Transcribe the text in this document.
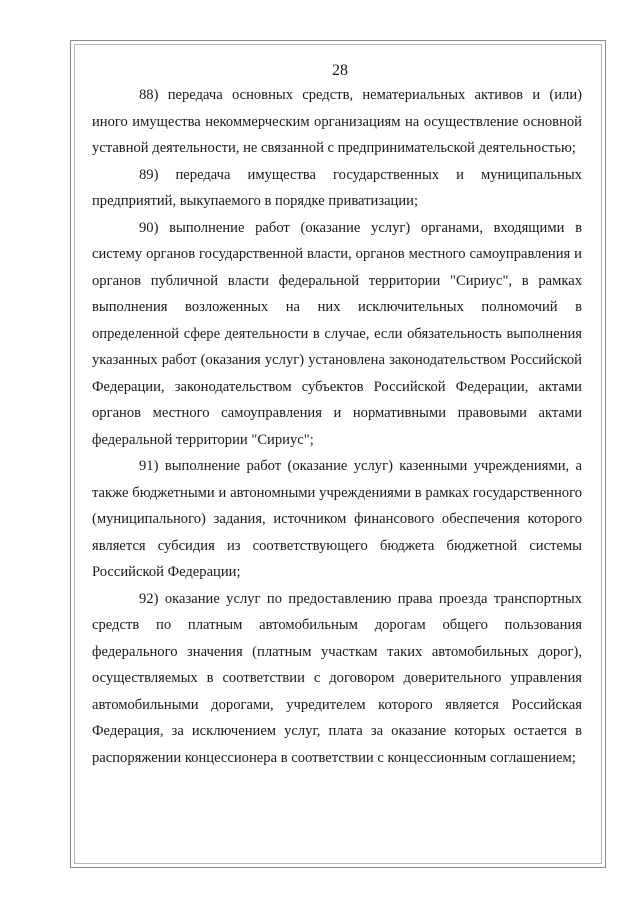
28

88) передача основных средств, нематериальных активов и (или) иного имущества некоммерческим организациям на осуществление основной уставной деятельности, не связанной с предпринимательской деятельностью;

89) передача имущества государственных и муниципальных предприятий, выкупаемого в порядке приватизации;

90) выполнение работ (оказание услуг) органами, входящими в систему органов государственной власти, органов местного самоуправления и органов публичной власти федеральной территории "Сириус", в рамках выполнения возложенных на них исключительных полномочий в определенной сфере деятельности в случае, если обязательность выполнения указанных работ (оказания услуг) установлена законодательством Российской Федерации, законодательством субъектов Российской Федерации, актами органов местного самоуправления и нормативными правовыми актами федеральной территории "Сириус";

91) выполнение работ (оказание услуг) казенными учреждениями, а также бюджетными и автономными учреждениями в рамках государственного (муниципального) задания, источником финансового обеспечения которого является субсидия из соответствующего бюджета бюджетной системы Российской Федерации;

92) оказание услуг по предоставлению права проезда транспортных средств по платным автомобильным дорогам общего пользования федерального значения (платным участкам таких автомобильных дорог), осуществляемых в соответствии с договором доверительного управления автомобильными дорогами, учредителем которого является Российская Федерация, за исключением услуг, плата за оказание которых остается в распоряжении концессионера в соответствии с концессионным соглашением;
